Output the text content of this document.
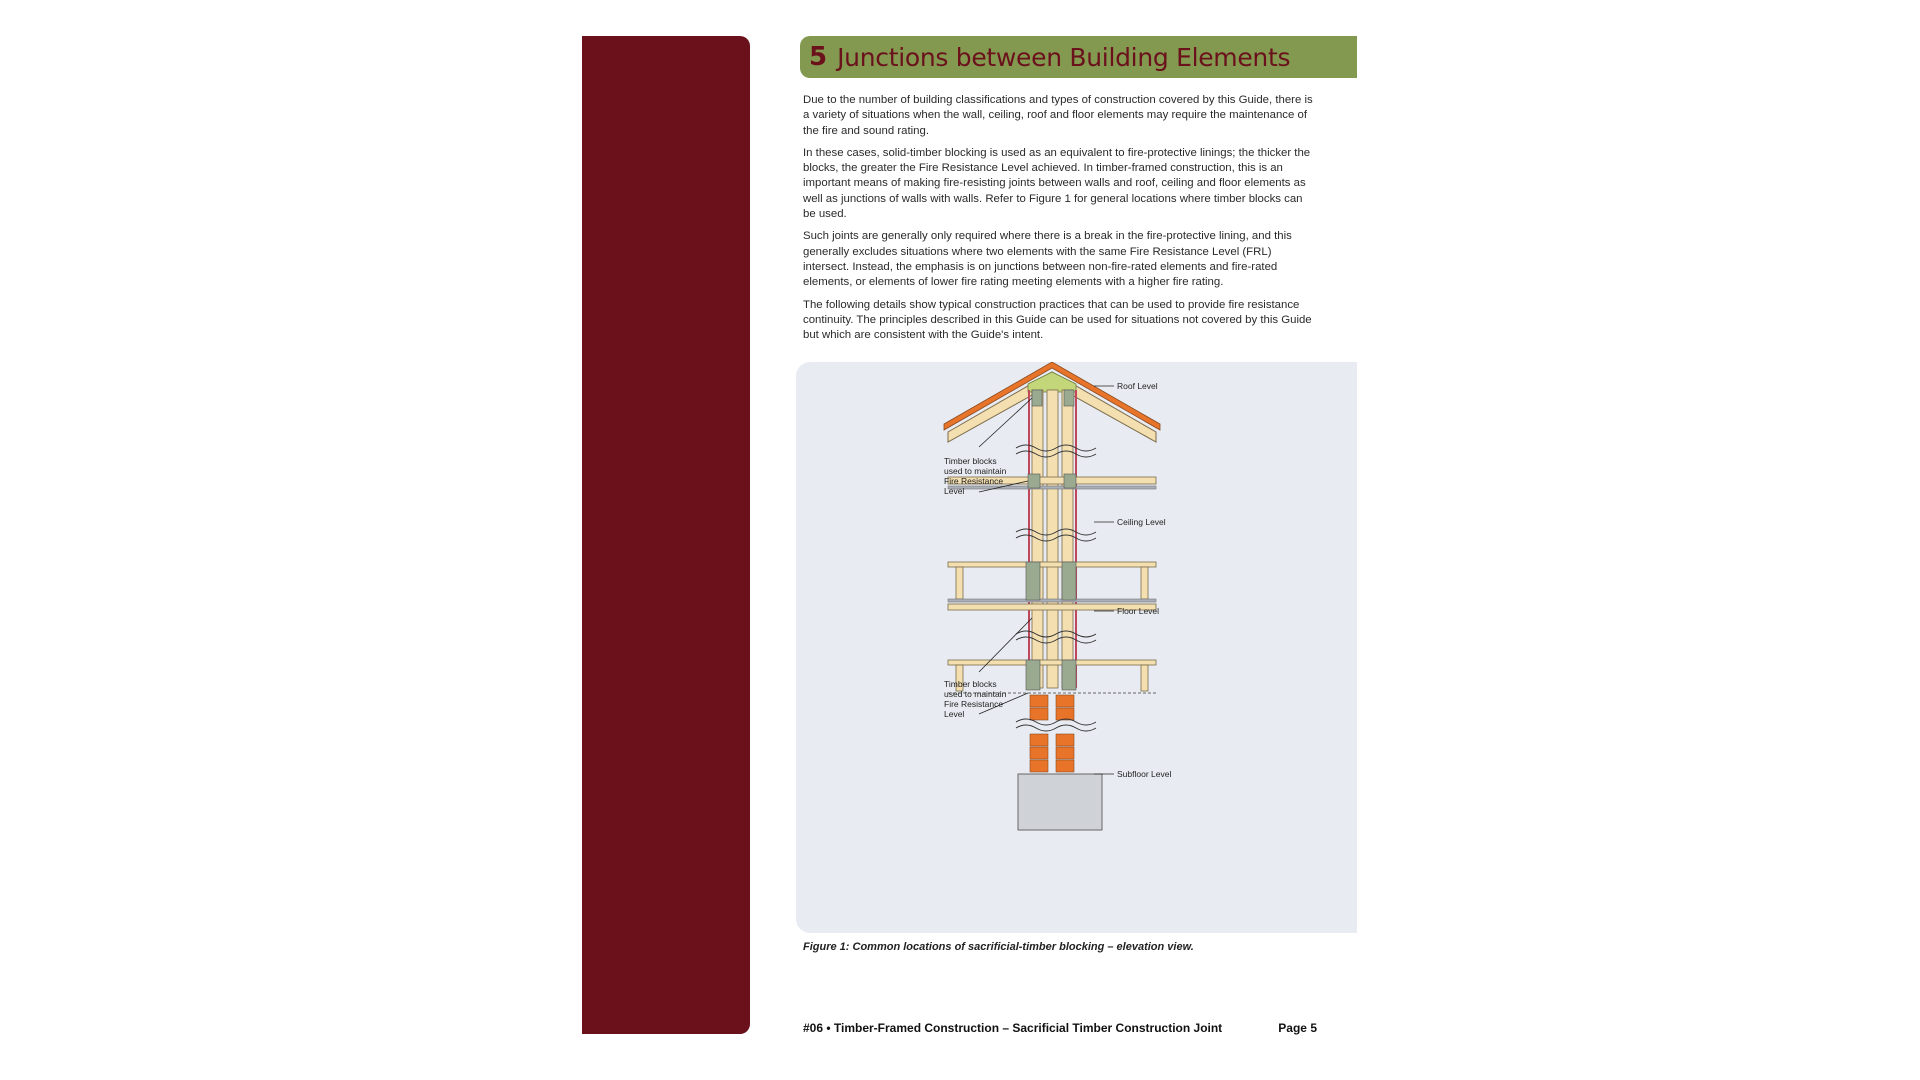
5 Junctions between Building Elements

Due to the number of building classifications and types of construction covered by this Guide, there is a variety of situations when the wall, ceiling, roof and floor elements may require the maintenance of the fire and sound rating.

In these cases, solid-timber blocking is used as an equivalent to fire-protective linings; the thicker the blocks, the greater the Fire Resistance Level achieved. In timber-framed construction, this is an important means of making fire-resisting joints between walls and roof, ceiling and floor elements as well as junctions of walls with walls. Refer to Figure 1 for general locations where timber blocks can be used.

Such joints are generally only required where there is a break in the fire-protective lining, and this generally excludes situations where two elements with the same Fire Resistance Level (FRL) intersect. Instead, the emphasis is on junctions between non-fire-rated elements and fire-rated elements, or elements of lower fire rating meeting elements with a higher fire rating.

The following details show typical construction practices that can be used to provide fire resistance continuity. The principles described in this Guide can be used for situations not covered by this Guide but which are consistent with the Guide's intent.

Roof Level
Ceiling Level
Floor Level
Subfloor Level
Timber blocks
used to maintain
Fire Resistance
Level
Timber blocks
used to maintain
Fire Resistance
Level
Figure 1: Common locations of sacrificial-timber blocking – elevation view.
#06 • Timber-Framed Construction – Sacrificial Timber Construction Joint	Page 5
